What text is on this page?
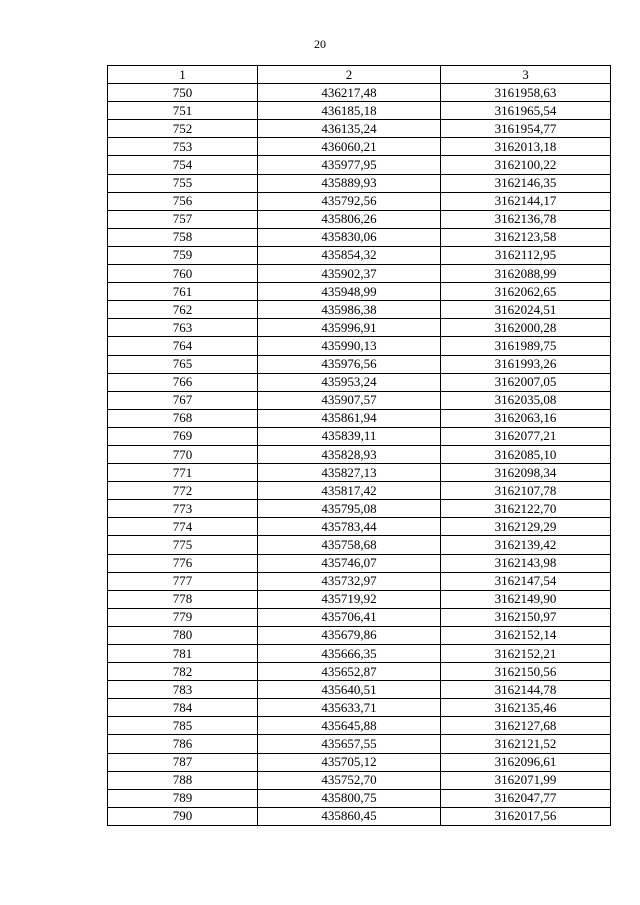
20
1	2	3
750	436217,48	3161958,63
751	436185,18	3161965,54
752	436135,24	3161954,77
753	436060,21	3162013,18
754	435977,95	3162100,22
755	435889,93	3162146,35
756	435792,56	3162144,17
757	435806,26	3162136,78
758	435830,06	3162123,58
759	435854,32	3162112,95
760	435902,37	3162088,99
761	435948,99	3162062,65
762	435986,38	3162024,51
763	435996,91	3162000,28
764	435990,13	3161989,75
765	435976,56	3161993,26
766	435953,24	3162007,05
767	435907,57	3162035,08
768	435861,94	3162063,16
769	435839,11	3162077,21
770	435828,93	3162085,10
771	435827,13	3162098,34
772	435817,42	3162107,78
773	435795,08	3162122,70
774	435783,44	3162129,29
775	435758,68	3162139,42
776	435746,07	3162143,98
777	435732,97	3162147,54
778	435719,92	3162149,90
779	435706,41	3162150,97
780	435679,86	3162152,14
781	435666,35	3162152,21
782	435652,87	3162150,56
783	435640,51	3162144,78
784	435633,71	3162135,46
785	435645,88	3162127,68
786	435657,55	3162121,52
787	435705,12	3162096,61
788	435752,70	3162071,99
789	435800,75	3162047,77
790	435860,45	3162017,56
